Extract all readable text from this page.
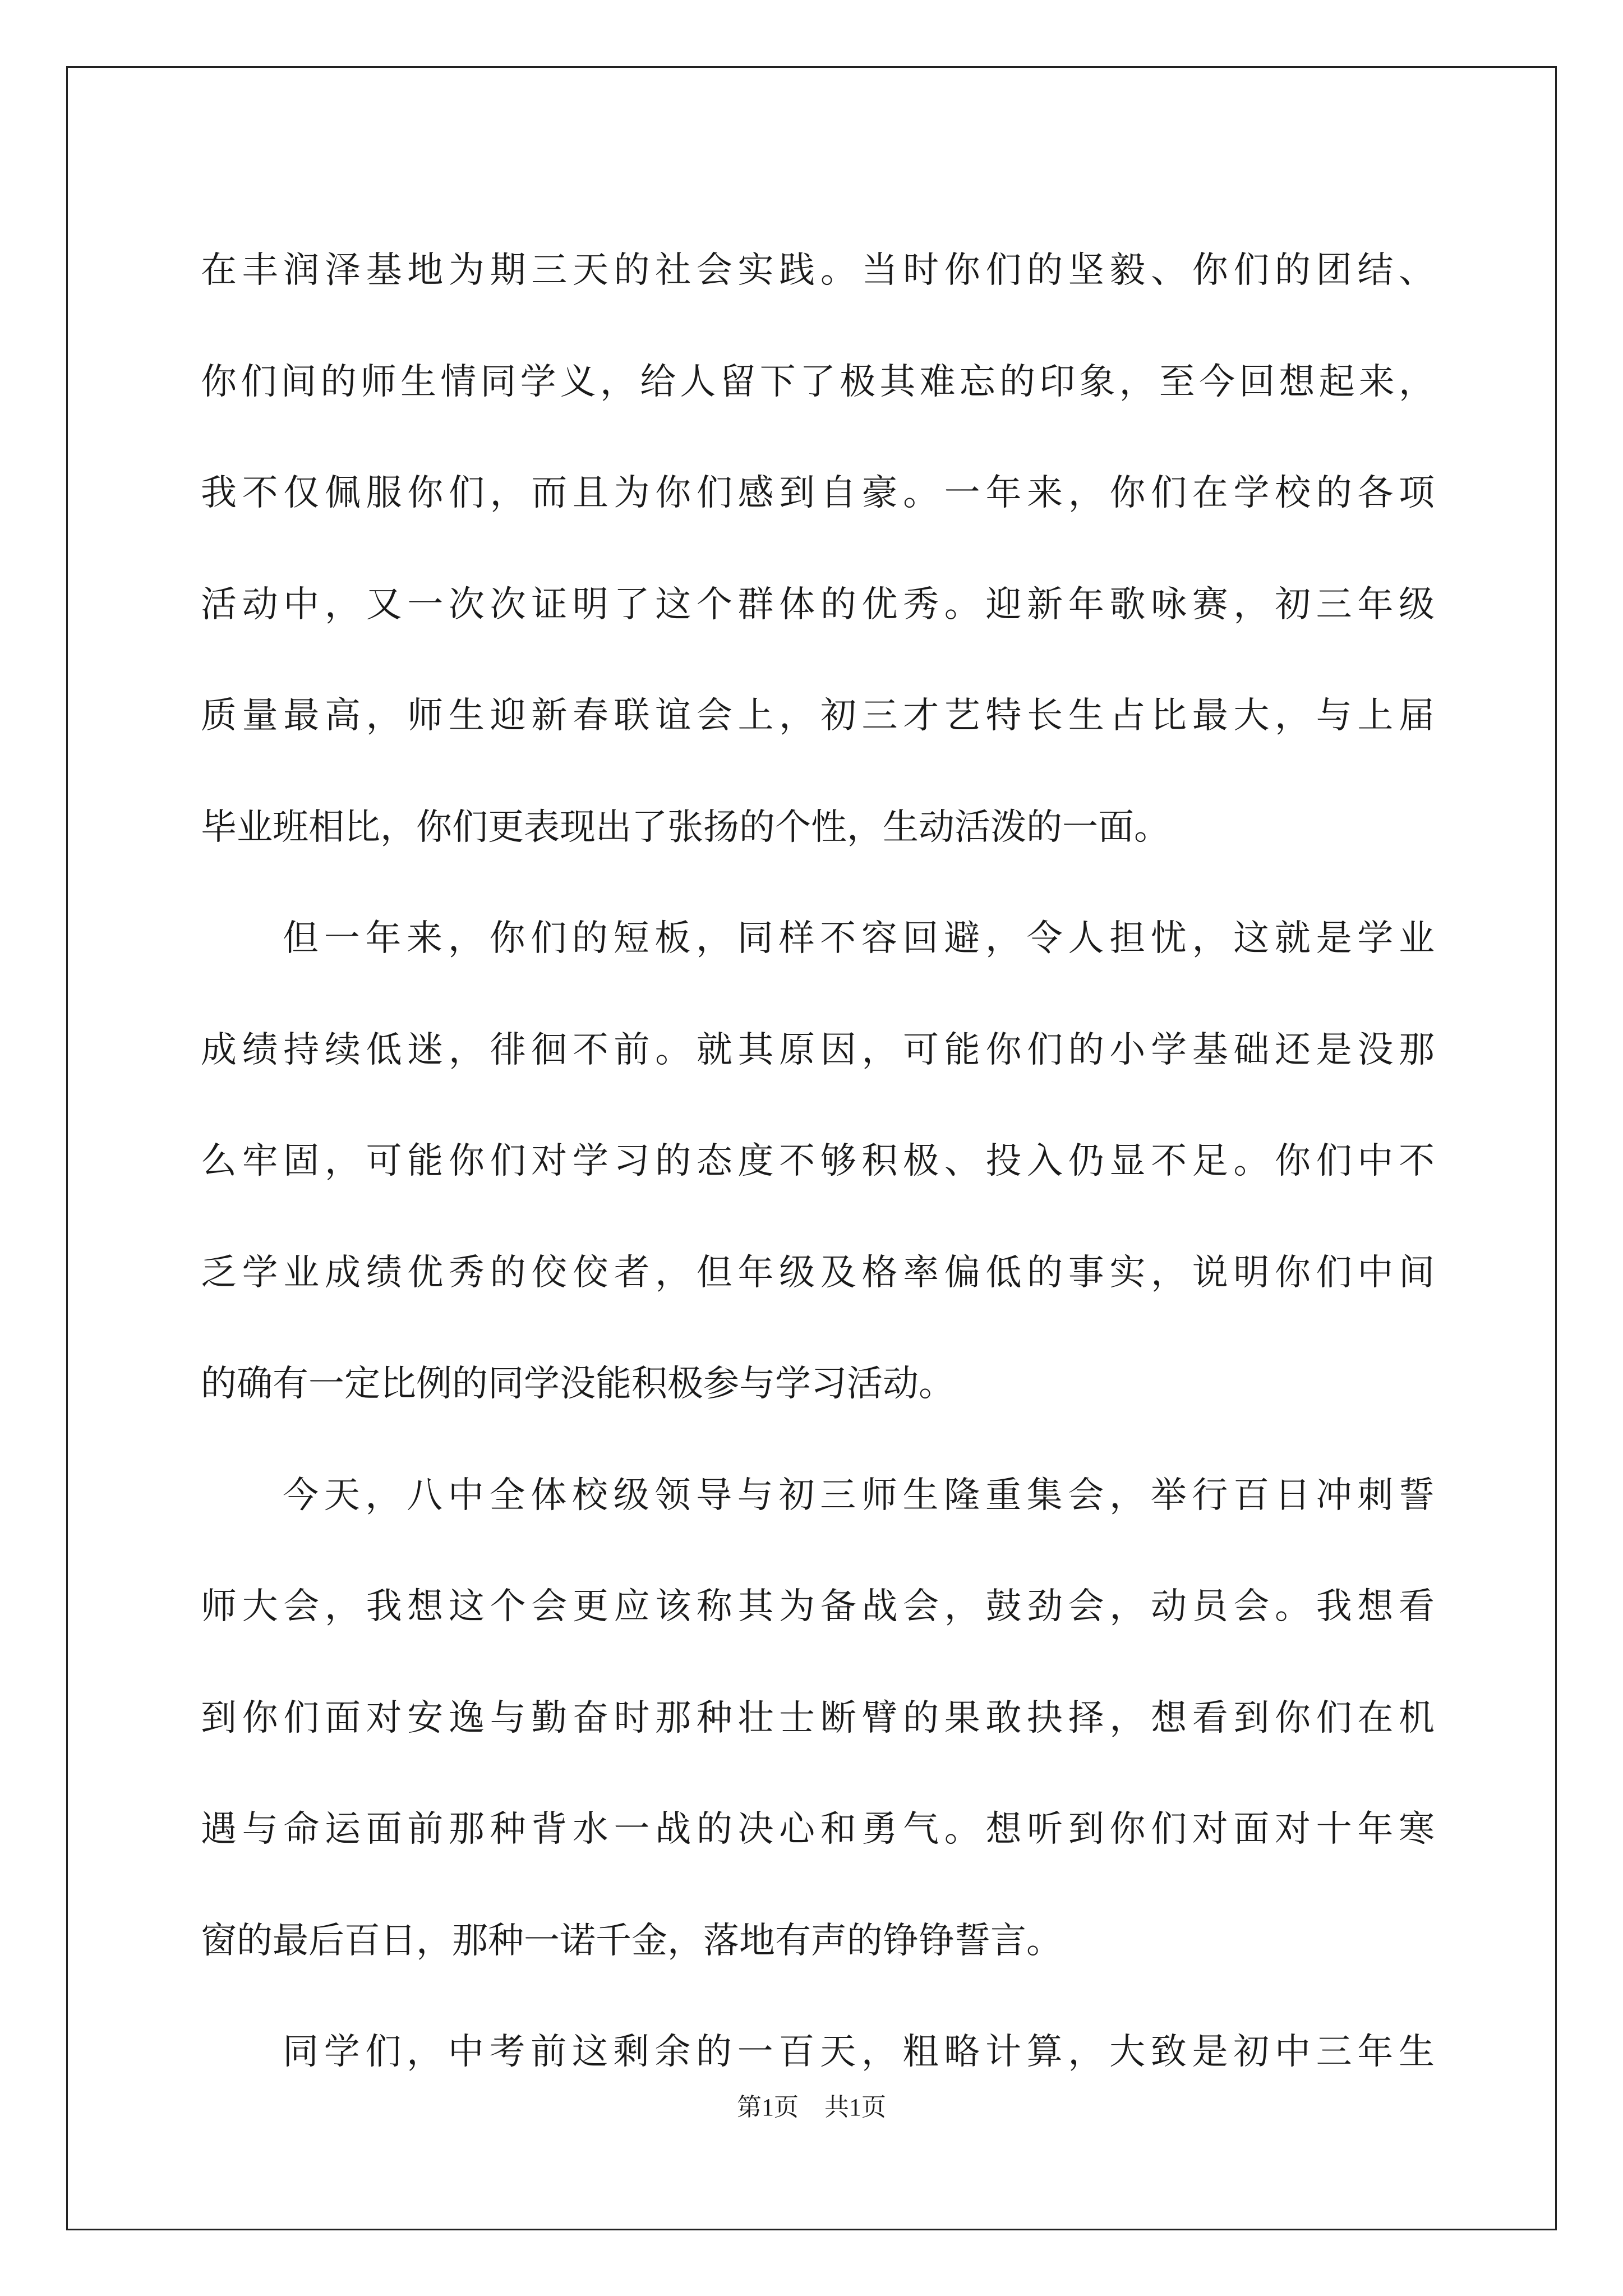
在丰润泽基地为期三天的社会实践。当时你们的坚毅、你们的团结、
你们间的师生情同学义，给人留下了极其难忘的印象，至今回想起来，
我不仅佩服你们，而且为你们感到自豪。一年来，你们在学校的各项
活动中，又一次次证明了这个群体的优秀。迎新年歌咏赛，初三年级
质量最高，师生迎新春联谊会上，初三才艺特长生占比最大，与上届
毕业班相比，你们更表现出了张扬的个性，生动活泼的一面。

但一年来，你们的短板，同样不容回避，令人担忧，这就是学业
成绩持续低迷，徘徊不前。就其原因，可能你们的小学基础还是没那
么牢固，可能你们对学习的态度不够积极、投入仍显不足。你们中不
乏学业成绩优秀的佼佼者，但年级及格率偏低的事实，说明你们中间
的确有一定比例的同学没能积极参与学习活动。

今天，八中全体校级领导与初三师生隆重集会，举行百日冲刺誓
师大会，我想这个会更应该称其为备战会，鼓劲会，动员会。我想看
到你们面对安逸与勤奋时那种壮士断臂的果敢抉择，想看到你们在机
遇与命运面前那种背水一战的决心和勇气。想听到你们对面对十年寒
窗的最后百日，那种一诺千金，落地有声的铮铮誓言。

同学们，中考前这剩余的一百天，粗略计算，大致是初中三年生

第1页 共1页
